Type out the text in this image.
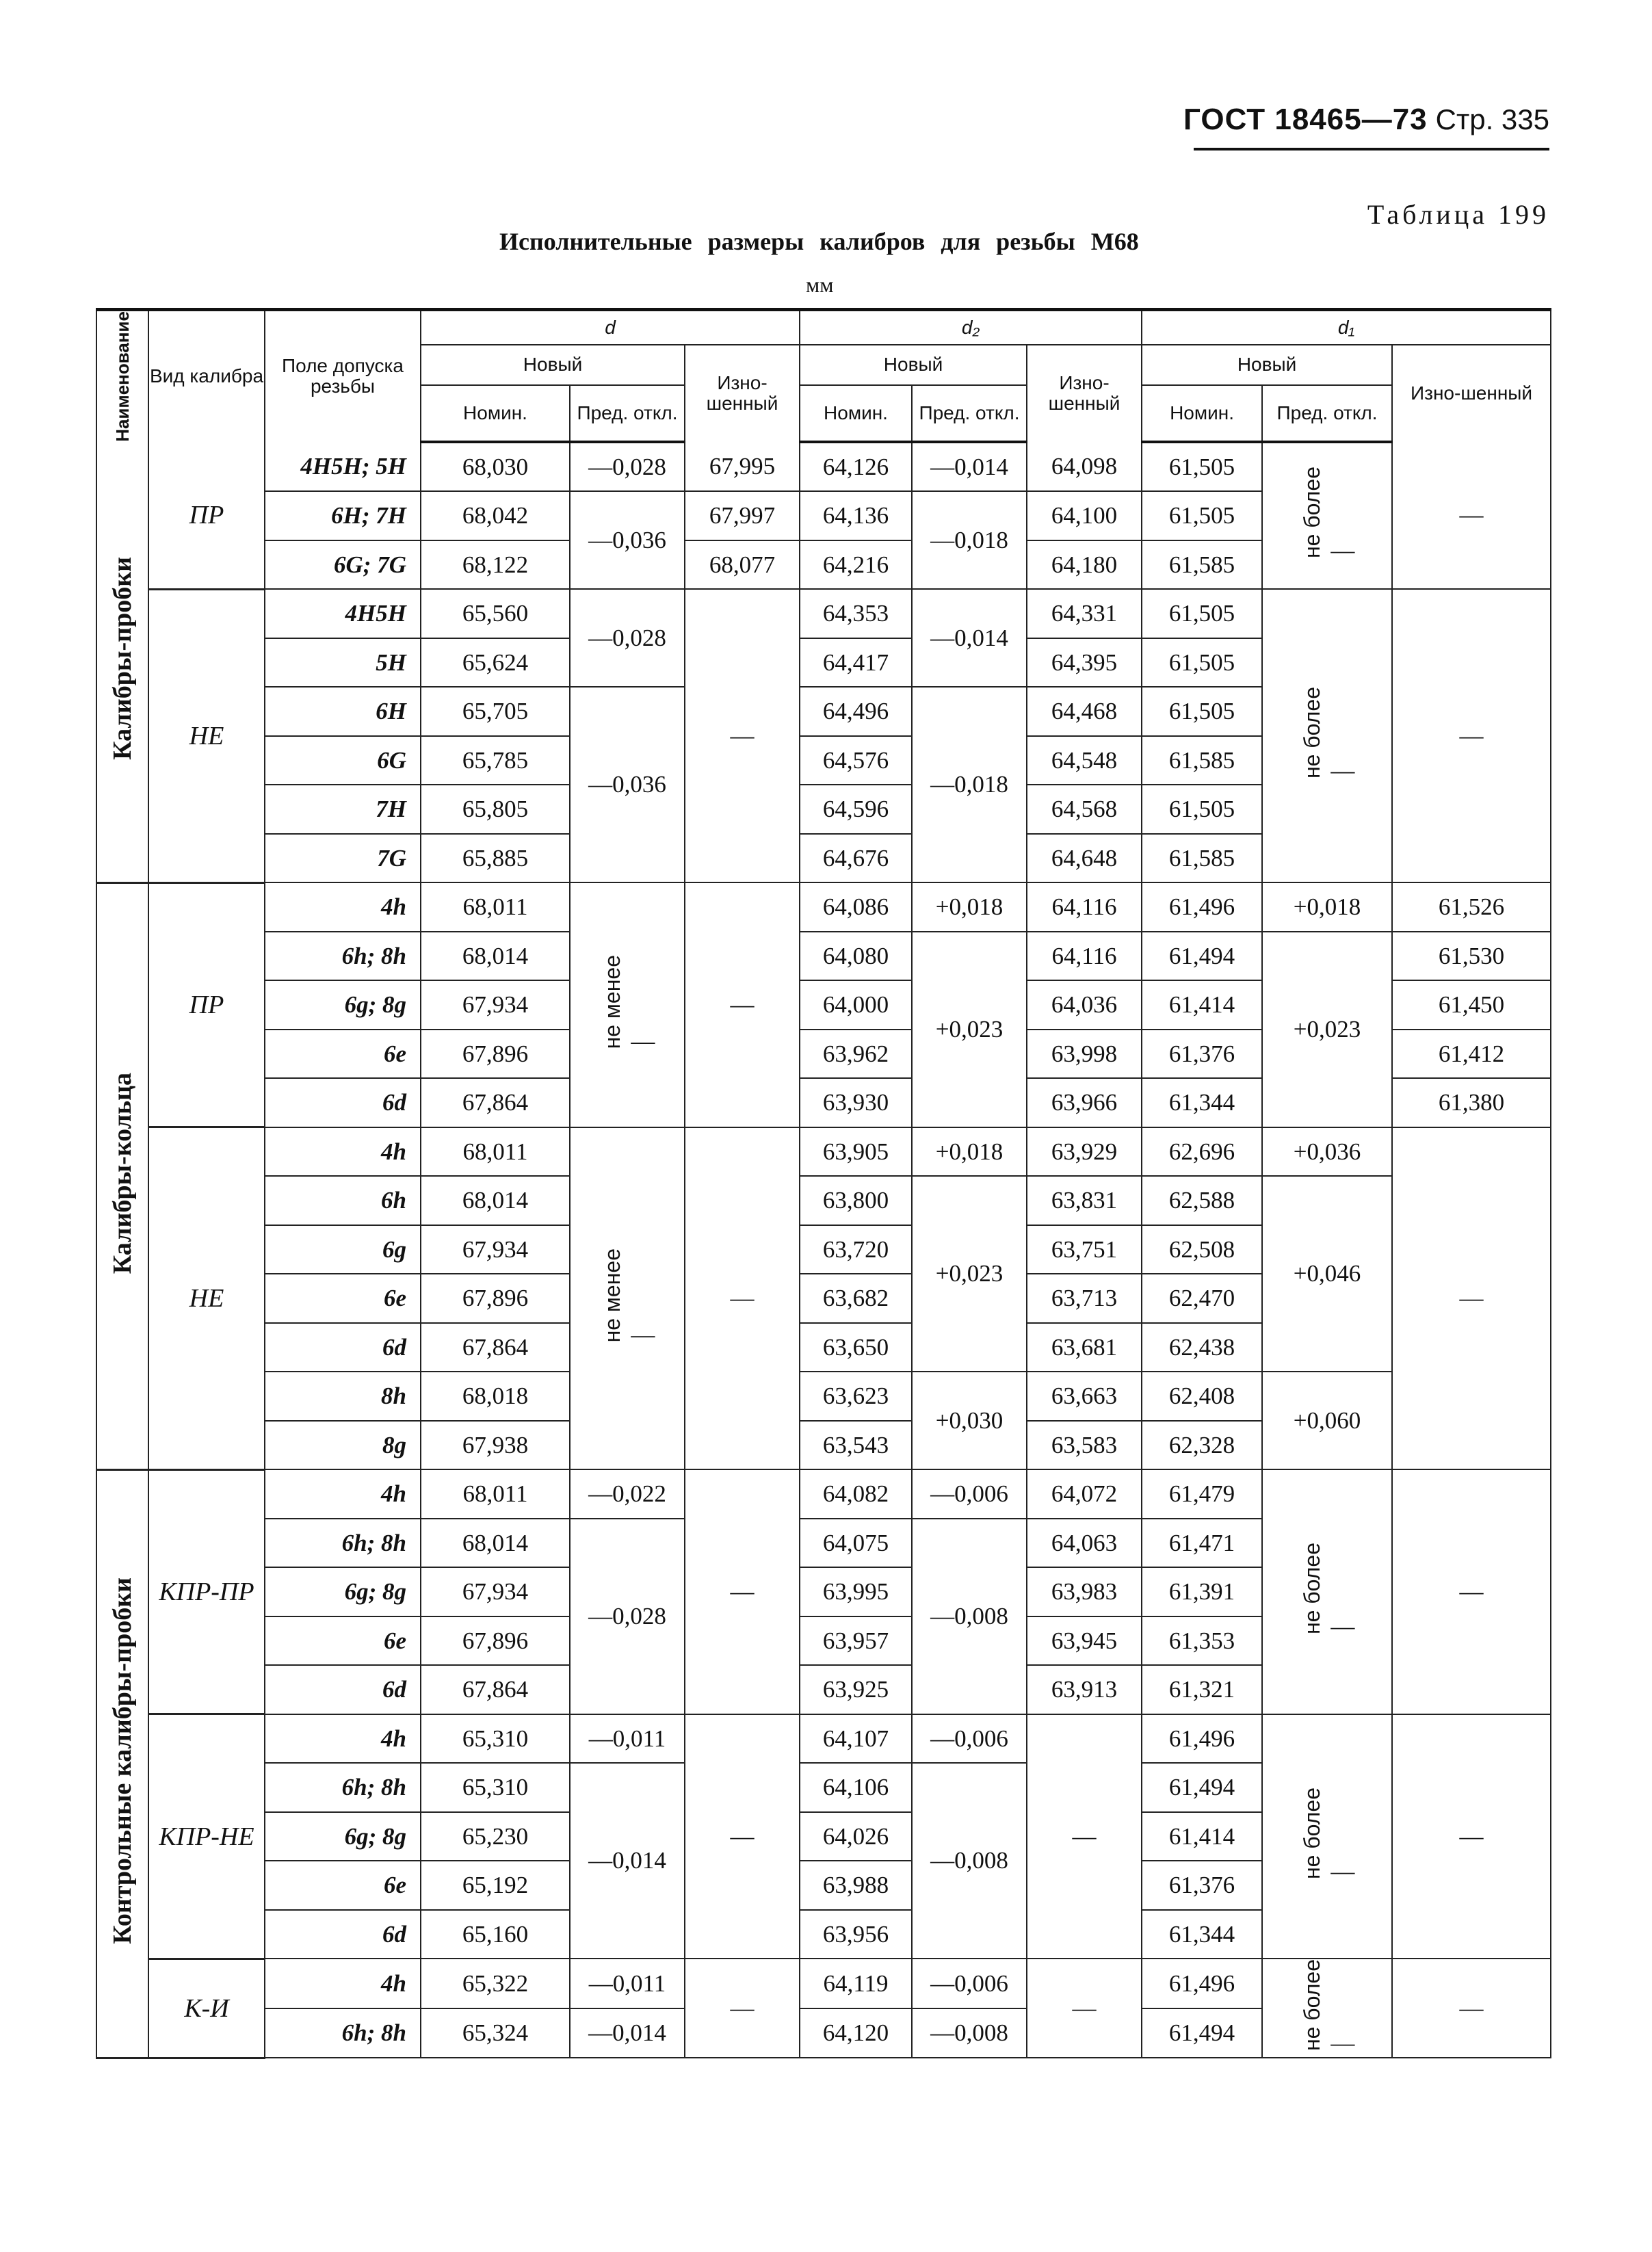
ГОСТ 18465—73 Стр. 335
Таблица 199
Исполнительные размеры калибров для резьбы М68
мм
Наименование	Вид калибра	Поле допуска резьбы	d			d₂			d₁		
			Новый		Изно-шенный	Новый		Изно-шенный	Новый		Изно-шенный
			Номин.	Пред. откл.		Номин.	Пред. откл.		Номин.	Пред. откл.	
Калибры-пробки	ПР	4H5H; 5H	68,030	—0,028	67,995	64,126	—0,014	64,098	61,505	не более —	—
		6H; 7H	68,042	—0,036	67,997	64,136	—0,018	64,100	61,505		
		6G; 7G	68,122		68,077	64,216		64,180	61,585		
	НЕ	4H5H	65,560	—0,028	—	64,353	—0,014	64,331	61,505	не более —	—
		5H	65,624			64,417		64,395	61,505		
		6H	65,705	—0,036		64,496	—0,018	64,468	61,505		
		6G	65,785			64,576		64,548	61,585		
		7H	65,805			64,596		64,568	61,505		
		7G	65,885			64,676		64,648	61,585		
Калибры-кольца	ПР	4h	68,011	не менее —	—	64,086	+0,018	64,116	61,496	+0,018	61,526
		6h; 8h	68,014			64,080	+0,023	64,116	61,494	+0,023	61,530
		6g; 8g	67,934			64,000		64,036	61,414		61,450
		6e	67,896			63,962		63,998	61,376		61,412
		6d	67,864			63,930		63,966	61,344		61,380
	НЕ	4h	68,011	не менее —	—	63,905	+0,018	63,929	62,696	+0,036	—
		6h	68,014			63,800	+0,023	63,831	62,588	+0,046	
		6g	67,934			63,720		63,751	62,508		
		6e	67,896			63,682		63,713	62,470		
		6d	67,864			63,650		63,681	62,438		
		8h	68,018			63,623	+0,030	63,663	62,408	+0,060	
		8g	67,938			63,543		63,583	62,328		
Контрольные калибры-пробки	КПР-ПР	4h	68,011	—0,022	—	64,082	—0,006	64,072	61,479	не более —	—
		6h; 8h	68,014	—0,028		64,075	—0,008	64,063	61,471		
		6g; 8g	67,934			63,995		63,983	61,391		
		6e	67,896			63,957		63,945	61,353		
		6d	67,864			63,925		63,913	61,321		
	КПР-НЕ	4h	65,310	—0,011	—	64,107	—0,006	—	61,496	не более —	—
		6h; 8h	65,310	—0,014		64,106	—0,008		61,494		
		6g; 8g	65,230			64,026			61,414		
		6e	65,192			63,988			61,376		
		6d	65,160			63,956			61,344		
	К-И	4h	65,322	—0,011	—	64,119	—0,006	—	61,496	не более —	—
		6h; 8h	65,324	—0,014		64,120	—0,008		61,494		
